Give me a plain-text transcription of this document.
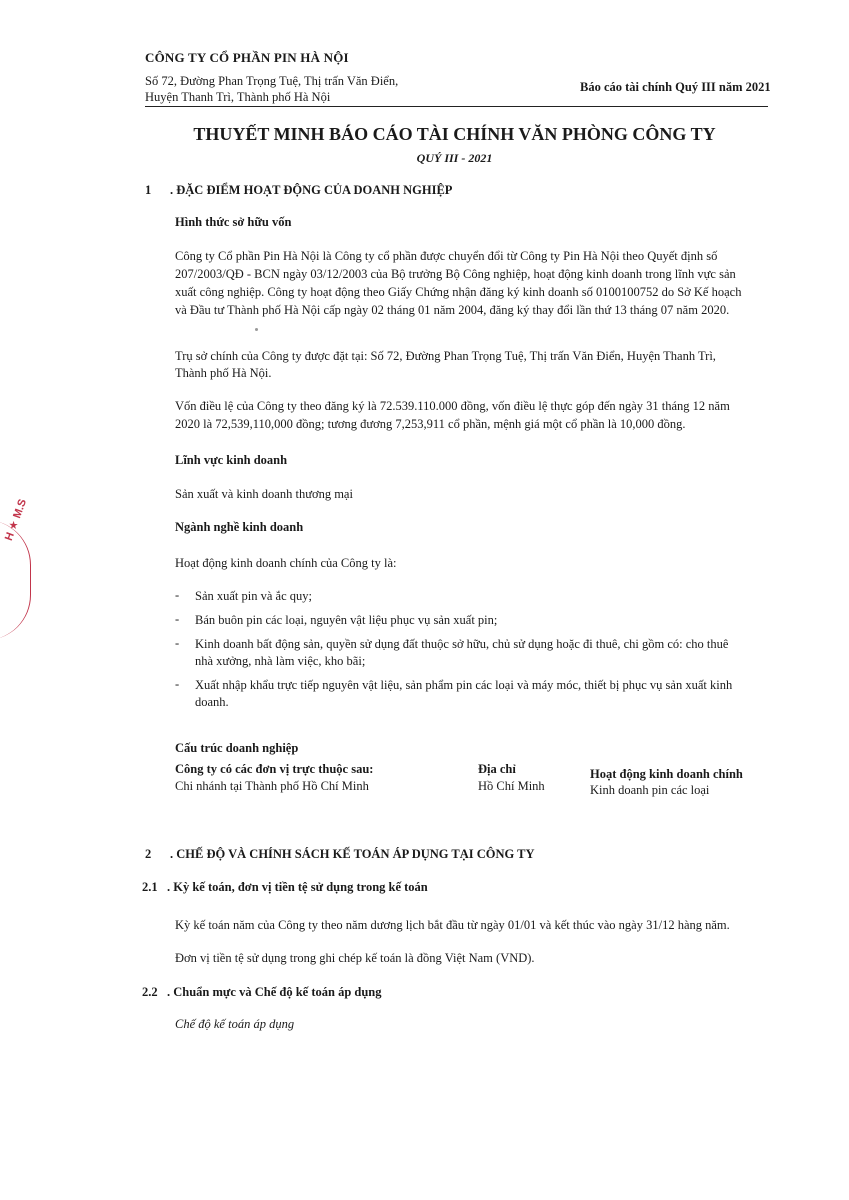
CÔNG TY CỔ PHẦN PIN HÀ NỘI
Số 72, Đường Phan Trọng Tuệ, Thị trấn Văn Điển,
Huyện Thanh Trì, Thành phố Hà Nội
Báo cáo tài chính Quý III năm 2021
THUYẾT MINH BÁO CÁO TÀI CHÍNH VĂN PHÒNG CÔNG TY
QUÝ III - 2021
1 . ĐẶC ĐIỂM HOẠT ĐỘNG CỦA DOANH NGHIỆP
Hình thức sở hữu vốn
Công ty Cổ phần Pin Hà Nội là Công ty cổ phần được chuyển đổi từ Công ty Pin Hà Nội theo Quyết định số
207/2003/QĐ - BCN ngày 03/12/2003 của Bộ trưởng Bộ Công nghiệp, hoạt động kinh doanh trong lĩnh vực sản
xuất công nghiệp. Công ty hoạt động theo Giấy Chứng nhận đăng ký kinh doanh số 0100100752 do Sở Kế hoạch
và Đầu tư Thành phố Hà Nội cấp ngày 02 tháng 01 năm 2004, đăng ký thay đổi lần thứ 13 tháng 07 năm 2020.
Trụ sở chính của Công ty được đặt tại: Số 72, Đường Phan Trọng Tuệ, Thị trấn Văn Điển, Huyện Thanh Trì,
Thành phố Hà Nội.
Vốn điều lệ của Công ty theo đăng ký là 72.539.110.000 đồng, vốn điều lệ thực góp đến ngày 31 tháng 12 năm
2020 là 72,539,110,000 đồng; tương đương 7,253,911 cổ phần, mệnh giá một cổ phần là 10,000 đồng.
Lĩnh vực kinh doanh
Sản xuất và kinh doanh thương mại
Ngành nghề kinh doanh
Hoạt động kinh doanh chính của Công ty là:
- Sản xuất pin và ắc quy;
- Bán buôn pin các loại, nguyên vật liệu phục vụ sản xuất pin;
- Kinh doanh bất động sản, quyền sử dụng đất thuộc sở hữu, chủ sử dụng hoặc đi thuê, chi gồm có: cho thuê
nhà xưởng, nhà làm việc, kho bãi;
- Xuất nhập khẩu trực tiếp nguyên vật liệu, sản phẩm pin các loại và máy móc, thiết bị phục vụ sản xuất kinh
doanh.
Cấu trúc doanh nghiệp
Công ty có các đơn vị trực thuộc sau:	Địa chỉ	Hoạt động kinh doanh chính
Chi nhánh tại Thành phố Hồ Chí Minh	Hồ Chí Minh	Kinh doanh pin các loại
2 . CHẾ ĐỘ VÀ CHÍNH SÁCH KẾ TOÁN ÁP DỤNG TẠI CÔNG TY
2.1 . Kỳ kế toán, đơn vị tiền tệ sử dụng trong kế toán
Kỳ kế toán năm của Công ty theo năm dương lịch bắt đầu từ ngày 01/01 và kết thúc vào ngày 31/12 hàng năm.
Đơn vị tiền tệ sử dụng trong ghi chép kế toán là đồng Việt Nam (VND).
2.2 . Chuẩn mực và Chế độ kế toán áp dụng
Chế độ kế toán áp dụng
H ★ M.S
